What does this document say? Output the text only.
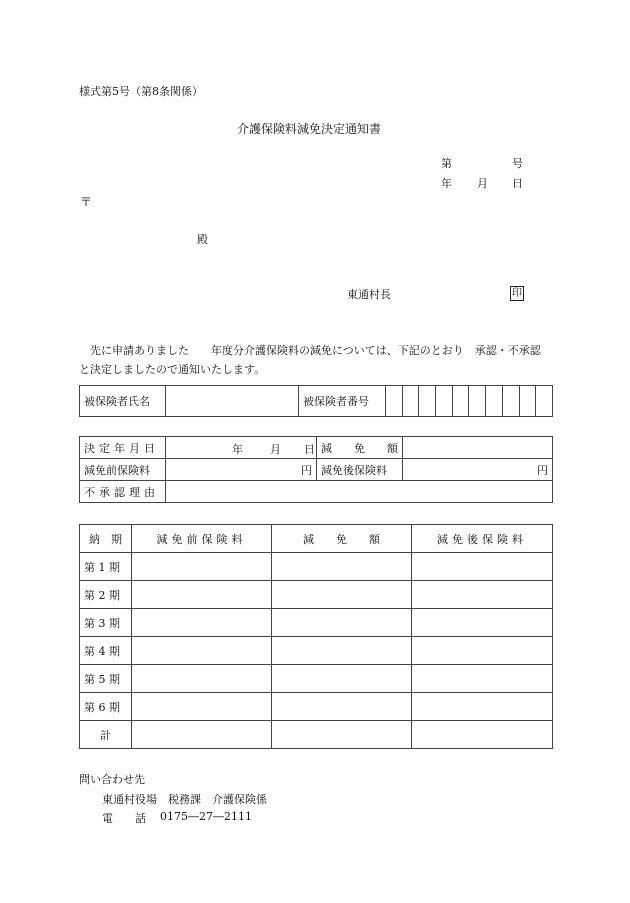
様式第5号（第8条関係）
介護保険料減免決定通知書
第	号
年 月 日
〒
殿
東通村長	印
先に申請ありました　　年度分介護保険料の減免については、下記のとおり　承認・不承認と決定しましたので通知いたします。
被保険者氏名		被保険者番号										
決定年月日	年 月 日	減　　免　　額	
減免前保険料	円	減免後保険料	円
不承認理由			
納　期	減免前保険料	減　　免　　額	減免後保険料
第 1 期			
第 2 期			
第 3 期			
第 4 期			
第 5 期			
第 6 期			
計			
問い合わせ先
東通村役場　税務課　介護保険係
電　　話 0175―27―2111
